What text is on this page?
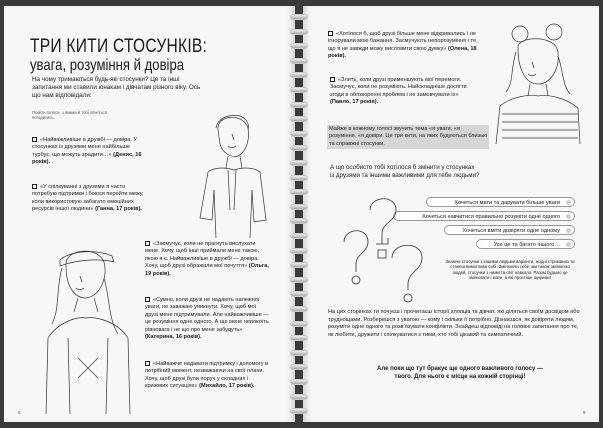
ТРИ КИТИ СТОСУНКІВ:
увага, розуміння й довіра
На чому тримаються будь-які стосунки? Це та інші запитання ми ставили юнакам і дівчатам різного віку. Ось що нам відповідали:
Поміти голоси, з якими й тобі хочеться погодитись.
«Найважливіше в дружбі — довіра. У стосунках із друзями мене найбільше турбує, що можуть зрадити…» (Денис, 16 років).
«У спілкуванні з друзями я часто потребую підтримки і боюся перейти межу, коли використовую забагато емоційних ресурсів іншої людини» (Ганна, 17 років).
«Засмучує, коли не прагнуть вислухати мене. Хочу, щоб інші приймали мене такою, якою я є. Найважливіше в дружбі — довіра. Хочу, щоб друзі ображали мої почуття» (Ольга, 19 років).
«Сумно, коли друзі не надають належної уваги, не заважаю уникнути. Хочу, щоб мої друзі мене підтримували. Але найважливіше — це розуміння одне одного. А ще мене непокоїть рівновага і не що про мене забудуть» (Катерина, 16 років).
«Найважче надавати підтримку і допомогу в потрібний момент, незважаючи на свої плани. Хочу, щоб друзі були поруч у складних і кризових ситуаціях» (Михайло, 17 років).
8
«Хотілося б, щоб друзі більше мене відкривались і не ігнорували мою бажання. Засмучують непорозуміння і те, що я не завжди можу висловити свою думку» (Олена, 18 років).
«Злить, коли друзі применшують мої перемоги. Засмучує, коли не розуміють. Найскладніше досягти згоди в обговоренні проблем і не замовчувати їх» (Павло, 17 років).
Майже в кожному голосі звучить тема «я уваги, «я розуміння, «я довіри. Це три кити, на яких будуються близькі та справжні стосунки.
А що особисто тобі хотілося б змінити у стосунках із друзями та іншими важливими для тебе людьми?
Хочеться мати та дарувати більше уваги
Хочеться навчитися правильно розуміти одне одного
Хочеться вміти довіряти одне одному
Усе це та багато іншого…
Знаючи стосунки з іншими людьми варіанти, жодні стриманих ти станеш вимоглива собі. Змінюючи себе, ми також змінюємо людей, стосунки з ними та світ навколо. Разом будьмо це змінювати і мати, в які простіше щирими!
На цих сторінках ти почуєш і прочитаєш історії хлопців та дівчат, які діляться своїм досвідом або труднощами. Розберешся з увагою — кому і скільки її потрібно. Дізнаєшся, як довіряти людям, розуміти одне одного та розв'язувати конфлікти. Знайдеш відповіді на головні запитання про те, як любити, дружити і спілкуватися з тими, хто тобі цікавий та симпатичний.
Але поки що тут бракує ще одного важливого голосу — твого. Для нього є місце на кожній сторінці!
9
